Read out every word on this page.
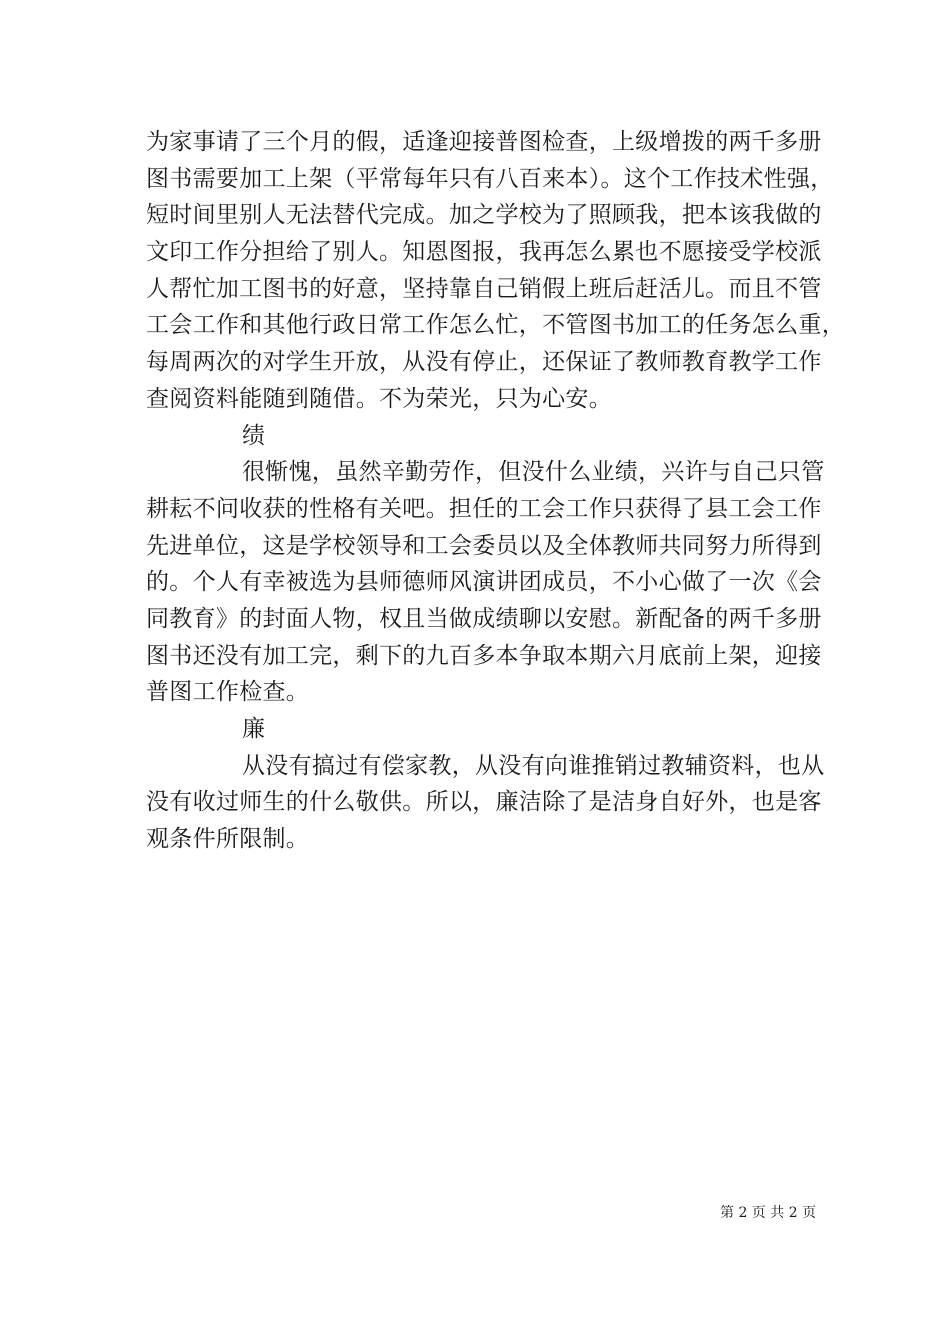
为家事请了三个月的假，适逢迎接普图检查，上级增拨的两千多册
图书需要加工上架（平常每年只有八百来本）。这个工作技术性强，
短时间里别人无法替代完成。加之学校为了照顾我，把本该我做的
文印工作分担给了别人。知恩图报，我再怎么累也不愿接受学校派
人帮忙加工图书的好意，坚持靠自己销假上班后赶活儿。而且不管
工会工作和其他行政日常工作怎么忙，不管图书加工的任务怎么重，
每周两次的对学生开放，从没有停止，还保证了教师教育教学工作
查阅资料能随到随借。不为荣光，只为心安。
绩
很惭愧，虽然辛勤劳作，但没什么业绩，兴许与自己只管
耕耘不问收获的性格有关吧。担任的工会工作只获得了县工会工作
先进单位，这是学校领导和工会委员以及全体教师共同努力所得到
的。个人有幸被选为县师德师风演讲团成员，不小心做了一次《会
同教育》的封面人物，权且当做成绩聊以安慰。新配备的两千多册
图书还没有加工完，剩下的九百多本争取本期六月底前上架，迎接
普图工作检查。
廉
从没有搞过有偿家教，从没有向谁推销过教辅资料，也从
没有收过师生的什么敬供。所以，廉洁除了是洁身自好外，也是客
观条件所限制。
第 2 页 共 2 页
